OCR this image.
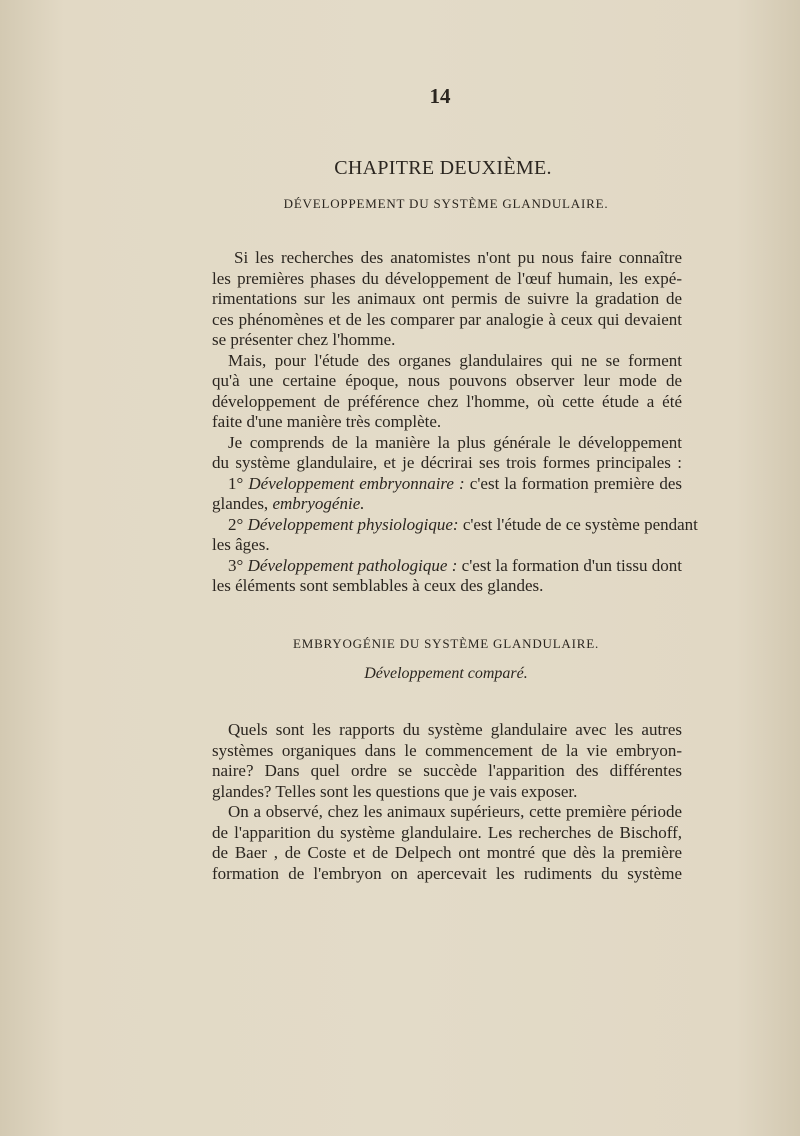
14
CHAPITRE DEUXIÈME.
DÉVELOPPEMENT DU SYSTÈME GLANDULAIRE.
Si les recherches des anatomistes n'ont pu nous faire connaître
les premières phases du développement de l'œuf humain, les expé-
rimentations sur les animaux ont permis de suivre la gradation de
ces phénomènes et de les comparer par analogie à ceux qui devaient
se présenter chez l'homme.
Mais, pour l'étude des organes glandulaires qui ne se forment
qu'à une certaine époque, nous pouvons observer leur mode de
développement de préférence chez l'homme, où cette étude a été
faite d'une manière très complète.
Je comprends de la manière la plus générale le développement
du système glandulaire, et je décrirai ses trois formes principales :
1° Développement embryonnaire : c'est la formation première des
glandes, embryogénie.
2° Développement physiologique: c'est l'étude de ce système pendant
les âges.
3° Développement pathologique : c'est la formation d'un tissu dont
les éléments sont semblables à ceux des glandes.
EMBRYOGÉNIE DU SYSTÈME GLANDULAIRE.
Développement comparé.
Quels sont les rapports du système glandulaire avec les autres
systèmes organiques dans le commencement de la vie embryon-
naire? Dans quel ordre se succède l'apparition des différentes
glandes? Telles sont les questions que je vais exposer.
On a observé, chez les animaux supérieurs, cette première période
de l'apparition du système glandulaire. Les recherches de Bischoff,
de Baer , de Coste et de Delpech ont montré que dès la première
formation de l'embryon on apercevait les rudiments du système
